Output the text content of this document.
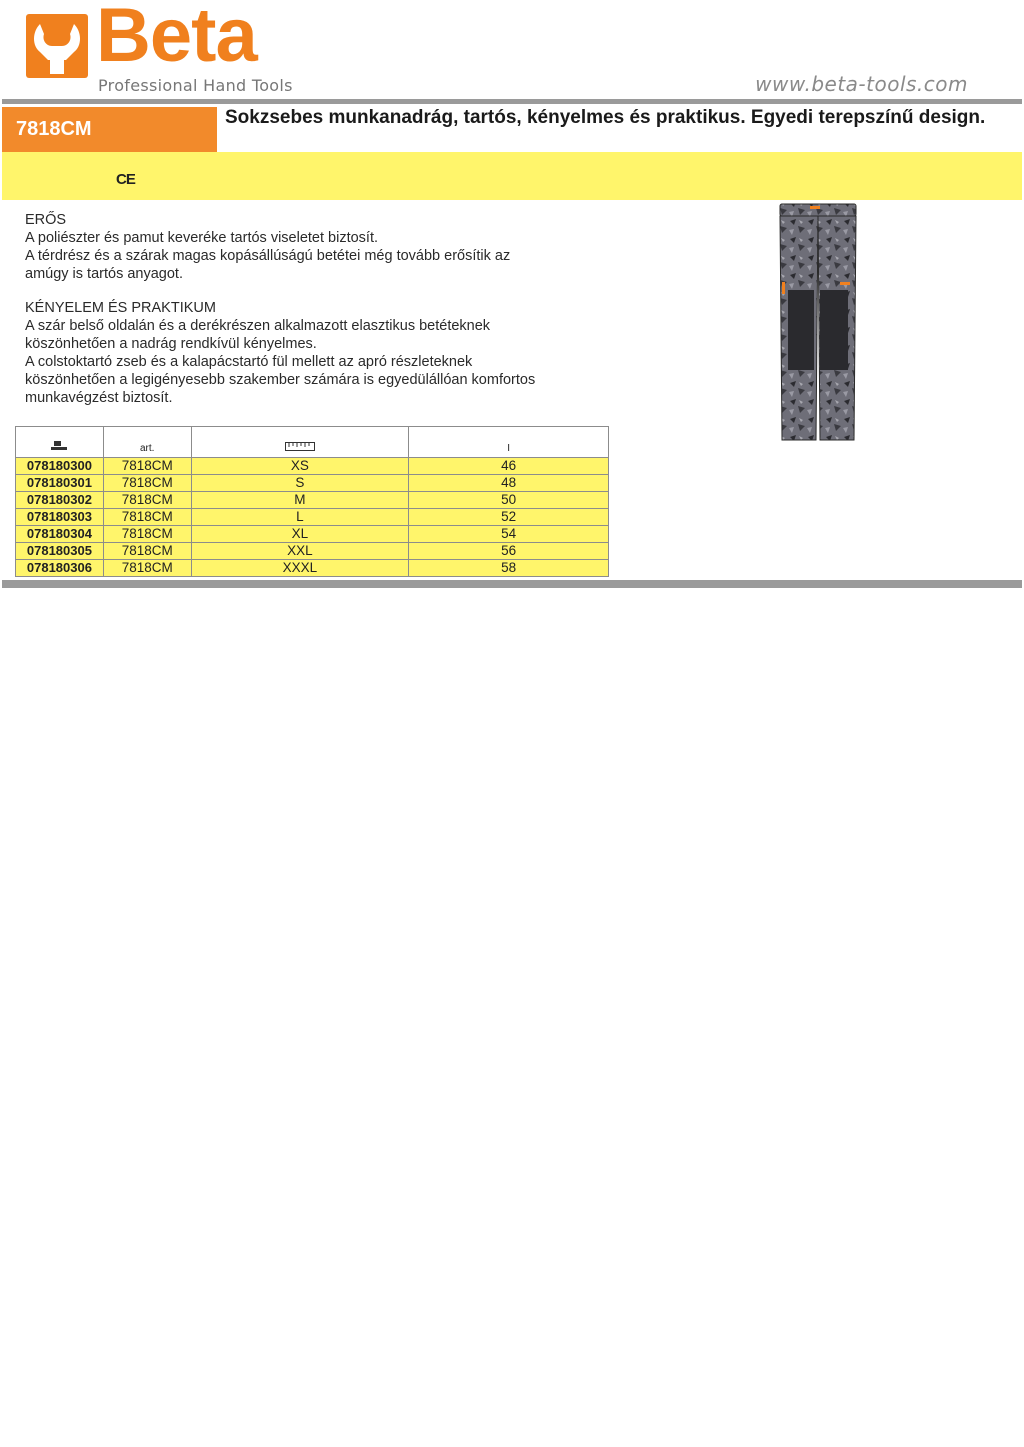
Beta
Professional Hand Tools	www.beta-tools.com
7818CM
Sokzsebes munkanadrág, tartós, kényelmes és praktikus. Egyedi terepszínű design.
CE

ERŐS

A poliészter és pamut keveréke tartós viseletet biztosít.

A térdrész és a szárak magas kopásállúságú betétei még tovább erősítik az

amúgy is tartós anyagot.

KÉNYELEM ÉS PRAKTIKUM

A szár belső oldalán és a derékrészen alkalmazott elasztikus betéteknek

köszönhetően a nadrág rendkívül kényelmes.

A colstoktartó zseb és a kalapácstartó fül mellett az apró részleteknek

köszönhetően a legigényesebb szakember számára is egyedülállóan komfortos

munkavégzést biztosít.

	art.		I
078180300	7818CM	XS	46
078180301	7818CM	S	48
078180302	7818CM	M	50
078180303	7818CM	L	52
078180304	7818CM	XL	54
078180305	7818CM	XXL	56
078180306	7818CM	XXXL	58
